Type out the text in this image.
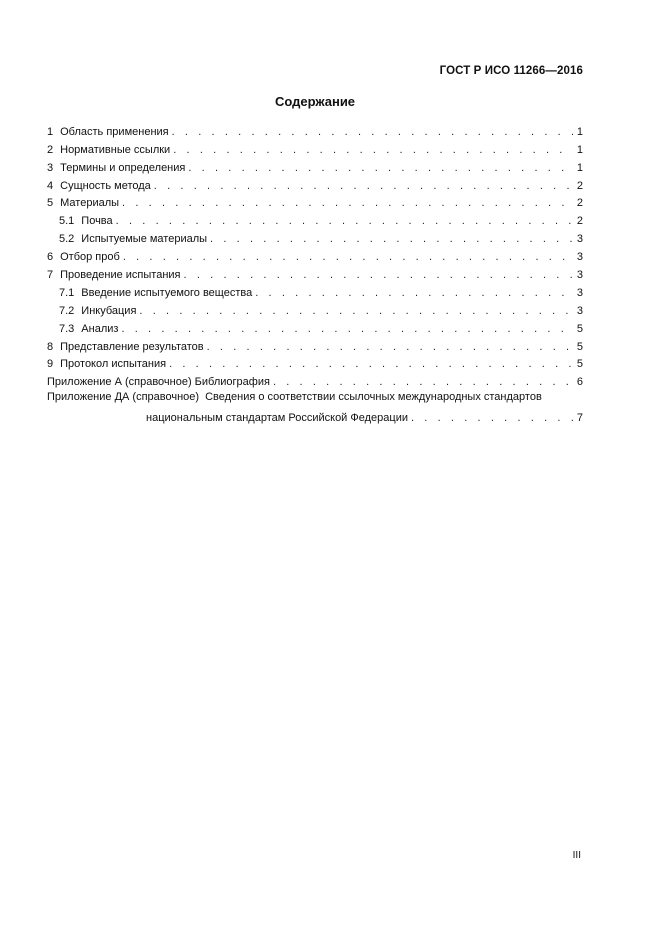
ГОСТ Р ИСО 11266—2016
Содержание
1 Область применения . . .	1
2 Нормативные ссылки . . .	1
3 Термины и определения . . .	1
4 Сущность метода . . .	2
5 Материалы . . .	2
5.1 Почва . . .	2
5.2 Испытуемые материалы . . .	3
6 Отбор проб . . .	3
7 Проведение испытания . . .	3
7.1 Введение испытуемого вещества . . .	3
7.2 Инкубация . . .	3
7.3 Анализ . . .	5
8 Представление результатов . . .	5
9 Протокол испытания . . .	5
Приложение А (справочное) Библиография . . .	6
Приложение ДА (справочное) Сведения о соответствии ссылочных международных стандартов
национальным стандартам Российской Федерации . . .	7
III
